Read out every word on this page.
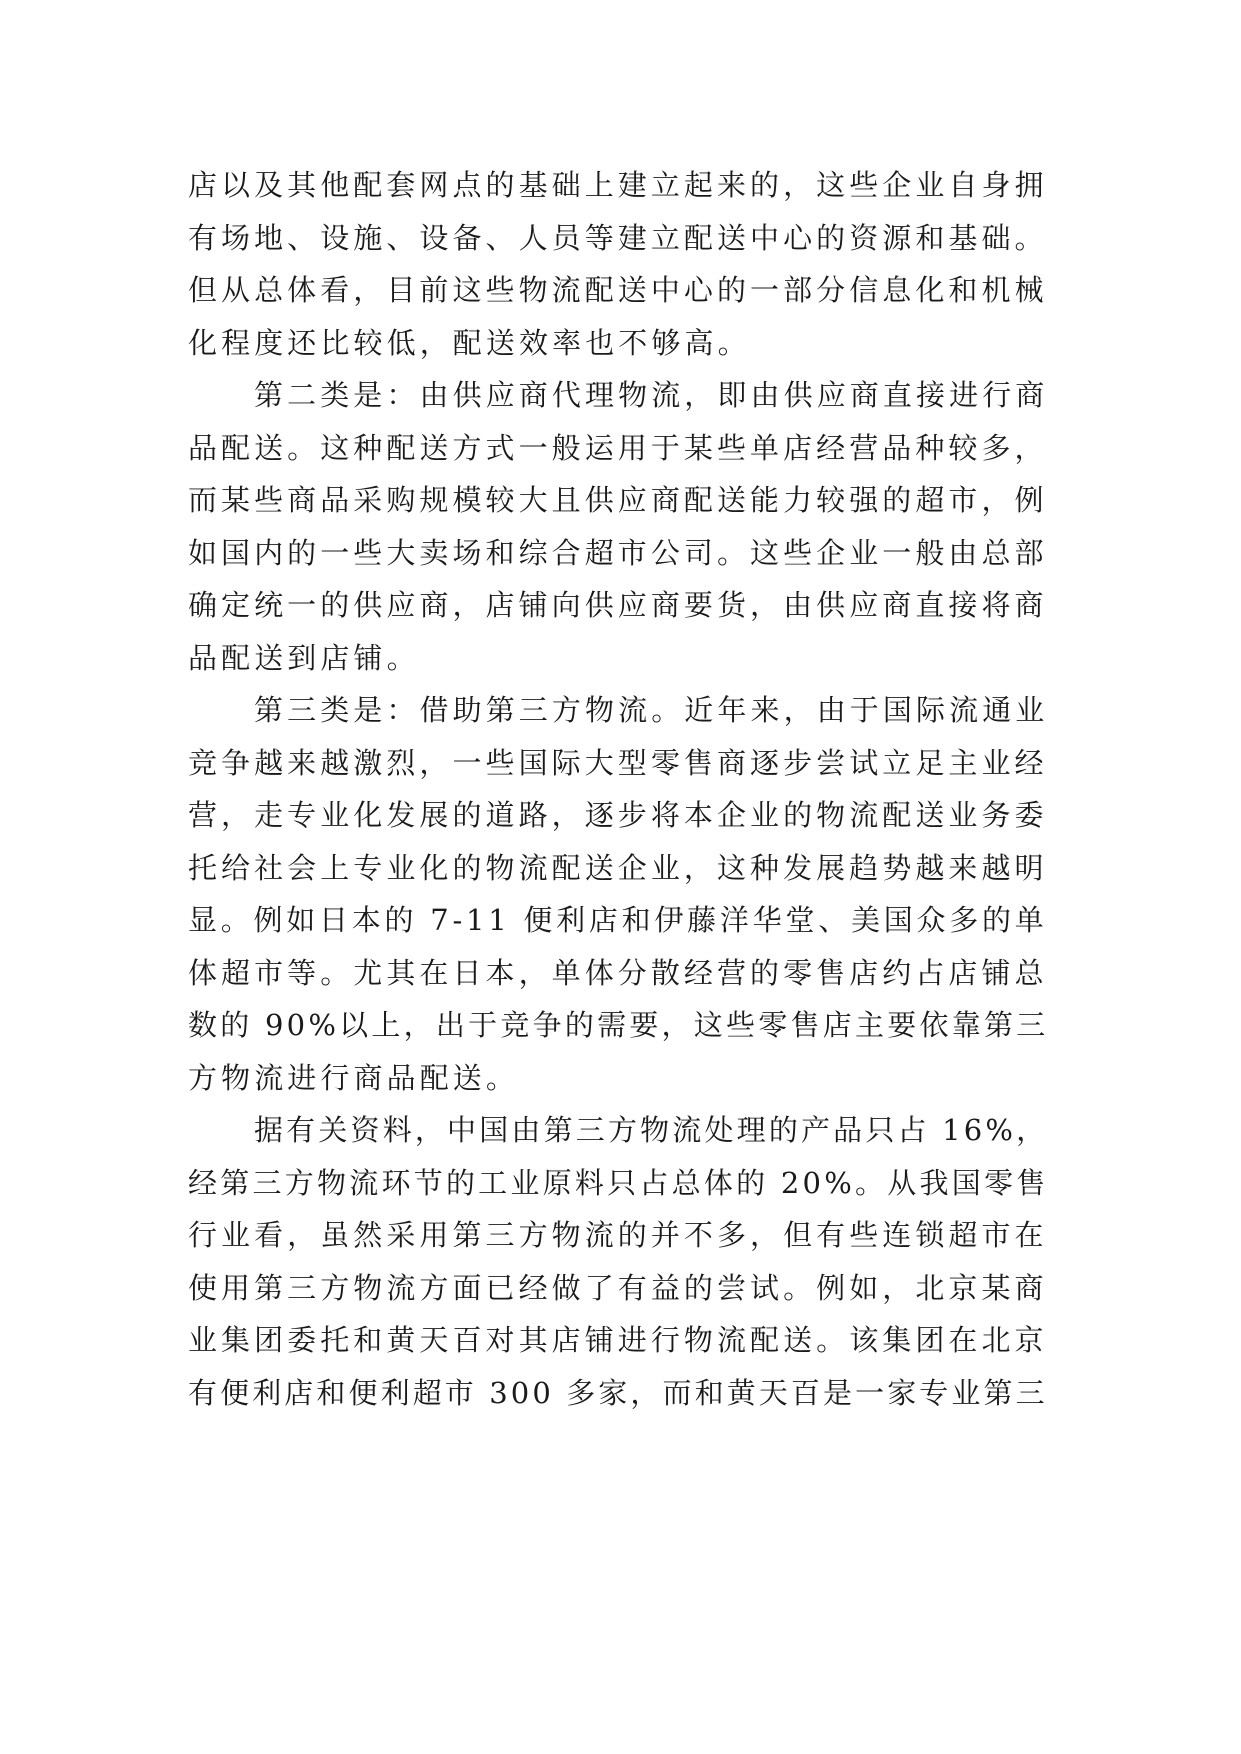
店以及其他配套网点的基础上建立起来的，这些企业自身拥
有场地、设施、设备、人员等建立配送中心的资源和基础。
但从总体看，目前这些物流配送中心的一部分信息化和机械
化程度还比较低，配送效率也不够高。
第二类是：由供应商代理物流，即由供应商直接进行商
品配送。这种配送方式一般运用于某些单店经营品种较多，
而某些商品采购规模较大且供应商配送能力较强的超市，例
如国内的一些大卖场和综合超市公司。这些企业一般由总部
确定统一的供应商，店铺向供应商要货，由供应商直接将商
品配送到店铺。
第三类是：借助第三方物流。近年来，由于国际流通业
竞争越来越激烈，一些国际大型零售商逐步尝试立足主业经
营，走专业化发展的道路，逐步将本企业的物流配送业务委
托给社会上专业化的物流配送企业，这种发展趋势越来越明
显。例如日本的 7-11 便利店和伊藤洋华堂、美国众多的单
体超市等。尤其在日本，单体分散经营的零售店约占店铺总
数的 90%以上，出于竞争的需要，这些零售店主要依靠第三
方物流进行商品配送。
据有关资料，中国由第三方物流处理的产品只占 16%，
经第三方物流环节的工业原料只占总体的 20%。从我国零售
行业看，虽然采用第三方物流的并不多，但有些连锁超市在
使用第三方物流方面已经做了有益的尝试。例如，北京某商
业集团委托和黄天百对其店铺进行物流配送。该集团在北京
有便利店和便利超市 300 多家，而和黄天百是一家专业第三
